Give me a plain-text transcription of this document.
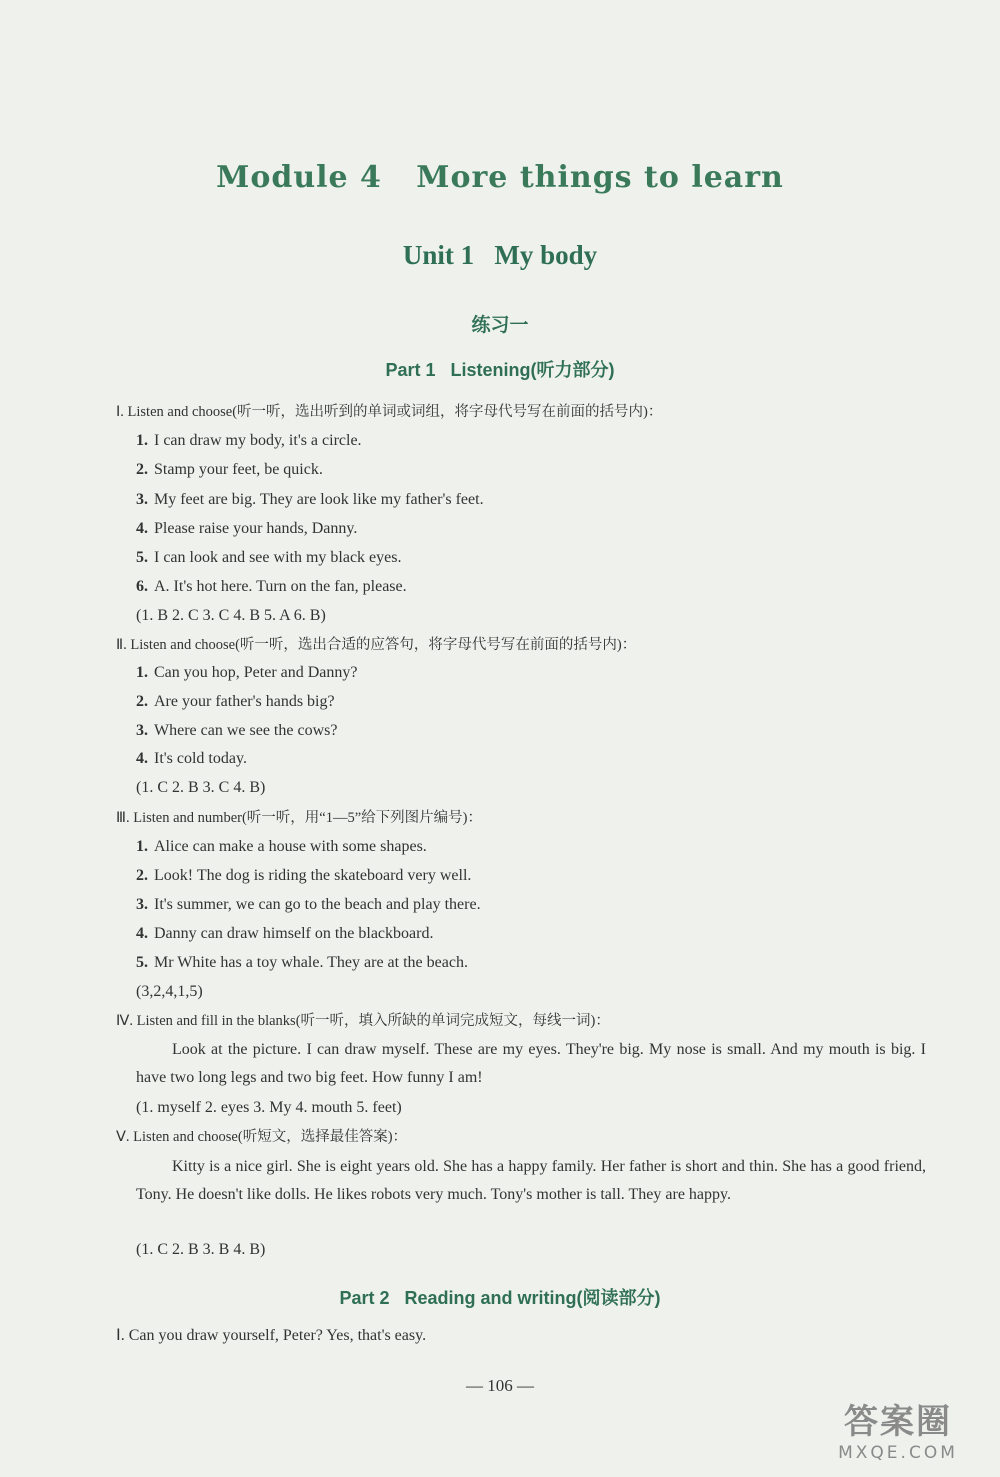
Module 4   More things to learn
Unit 1   My body
练习一
Part 1   Listening(听力部分)
Ⅰ. Listen and choose(听一听，选出听到的单词或词组，将字母代号写在前面的括号内)：
1. I can draw my body, it's a circle.
2. Stamp your feet, be quick.
3. My feet are big. They are look like my father's feet.
4. Please raise your hands, Danny.
5. I can look and see with my black eyes.
6. A. It's hot here. Turn on the fan, please.
(1. B 2. C 3. C 4. B 5. A 6. B)
Ⅱ. Listen and choose(听一听，选出合适的应答句，将字母代号写在前面的括号内)：
1. Can you hop, Peter and Danny?
2. Are your father's hands big?
3. Where can we see the cows?
4. It's cold today.
(1. C 2. B 3. C 4. B)
Ⅲ. Listen and number(听一听，用“1—5”给下列图片编号)：
1. Alice can make a house with some shapes.
2. Look! The dog is riding the skateboard very well.
3. It's summer, we can go to the beach and play there.
4. Danny can draw himself on the blackboard.
5. Mr White has a toy whale. They are at the beach.
(3,2,4,1,5)
Ⅳ. Listen and fill in the blanks(听一听，填入所缺的单词完成短文，每线一词)：
Look at the picture. I can draw myself. These are my eyes. They're big. My nose is small. And my mouth is big. I have two long legs and two big feet. How funny I am!
(1. myself 2. eyes 3. My 4. mouth 5. feet)
Ⅴ. Listen and choose(听短文，选择最佳答案)：
Kitty is a nice girl. She is eight years old. She has a happy family. Her father is short and thin. She has a good friend, Tony. He doesn't like dolls. He likes robots very much. Tony's mother is tall. They are happy.
(1. C 2. B 3. B 4. B)
Part 2   Reading and writing(阅读部分)
Ⅰ. Can you draw yourself, Peter? Yes, that's easy.
— 106 —
答案圈
MXQE.COM
